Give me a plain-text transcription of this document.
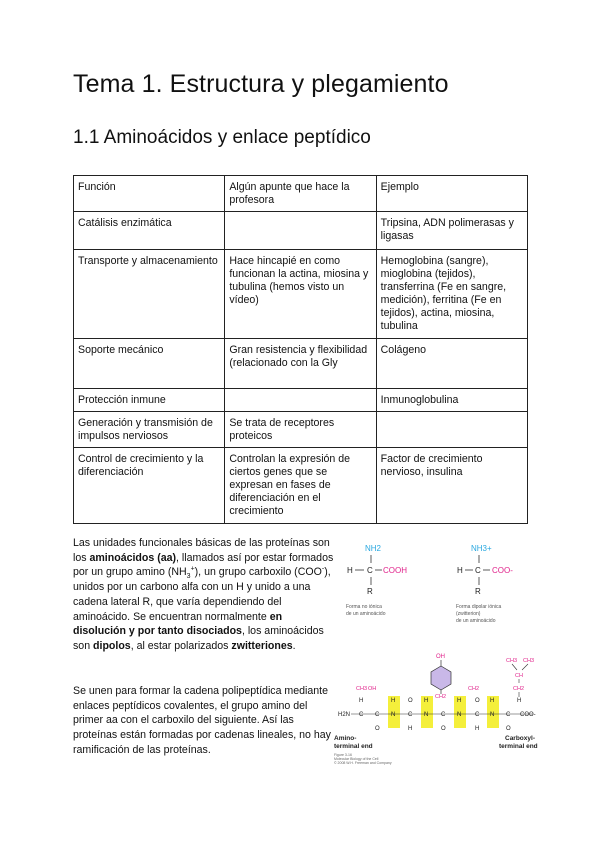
Tema 1. Estructura y plegamiento
1.1 Aminoácidos y enlace peptídico
Función	Algún apunte que hace la profesora	Ejemplo
Catálisis enzimática		Tripsina, ADN polimerasas y ligasas
Transporte y almacenamiento	Hace hincapié en como funcionan la actina, miosina y tubulina (hemos visto un vídeo)	Hemoglobina (sangre), mioglobina (tejidos), transferrina (Fe en sangre, medición), ferritina (Fe en tejidos), actina, miosina, tubulina
Soporte mecánico	Gran resistencia y flexibilidad (relacionado con la Gly	Colágeno
Protección inmune		Inmunoglobulina
Generación y transmisión de impulsos nerviosos	Se trata de receptores proteicos	
Control de crecimiento y la diferenciación	Controlan la expresión de ciertos genes que se expresan en fases de diferenciación en el crecimiento	Factor de crecimiento nervioso, insulina

Las unidades funcionales básicas de las proteínas son los aminoácidos (aa), llamados así por estar formados por un grupo amino $(NH_3^+)$, un grupo carboxilo (COO-), unidos por un carbono alfa con un H y unido a una cadena lateral R, que varía dependiendo del aminoácido. Se encuentran normalmente en disolución y por tanto disociados, los aminoácidos son dipolos, al estar polarizados zwitteriones.

Se unen para formar la cadena polipeptídica mediante enlaces peptídicos covalentes, el grupo amino del primer aa con el carboxilo del siguiente. Así las proteínas están formadas por cadenas lineales, no hay ramificación de las proteínas.

NH2
H C COOH
R
Forma no iónica
de un aminoácido
NH3+
H C COO-
R
Forma dipolar iónica
(zwitterion)
de un aminoácido
OH
CH3 CH3
CH
CH2
CH3 OH
CH2
CH2
H	H O H	H O H	H
H2N C C N C N C N C N C COO-
O	H	O	H	O
Amino-
terminal end
Carboxyl-
terminal end
Figure 3-16
Molecular Biology of the Cell
© 2008 W.H. Freeman and Company
